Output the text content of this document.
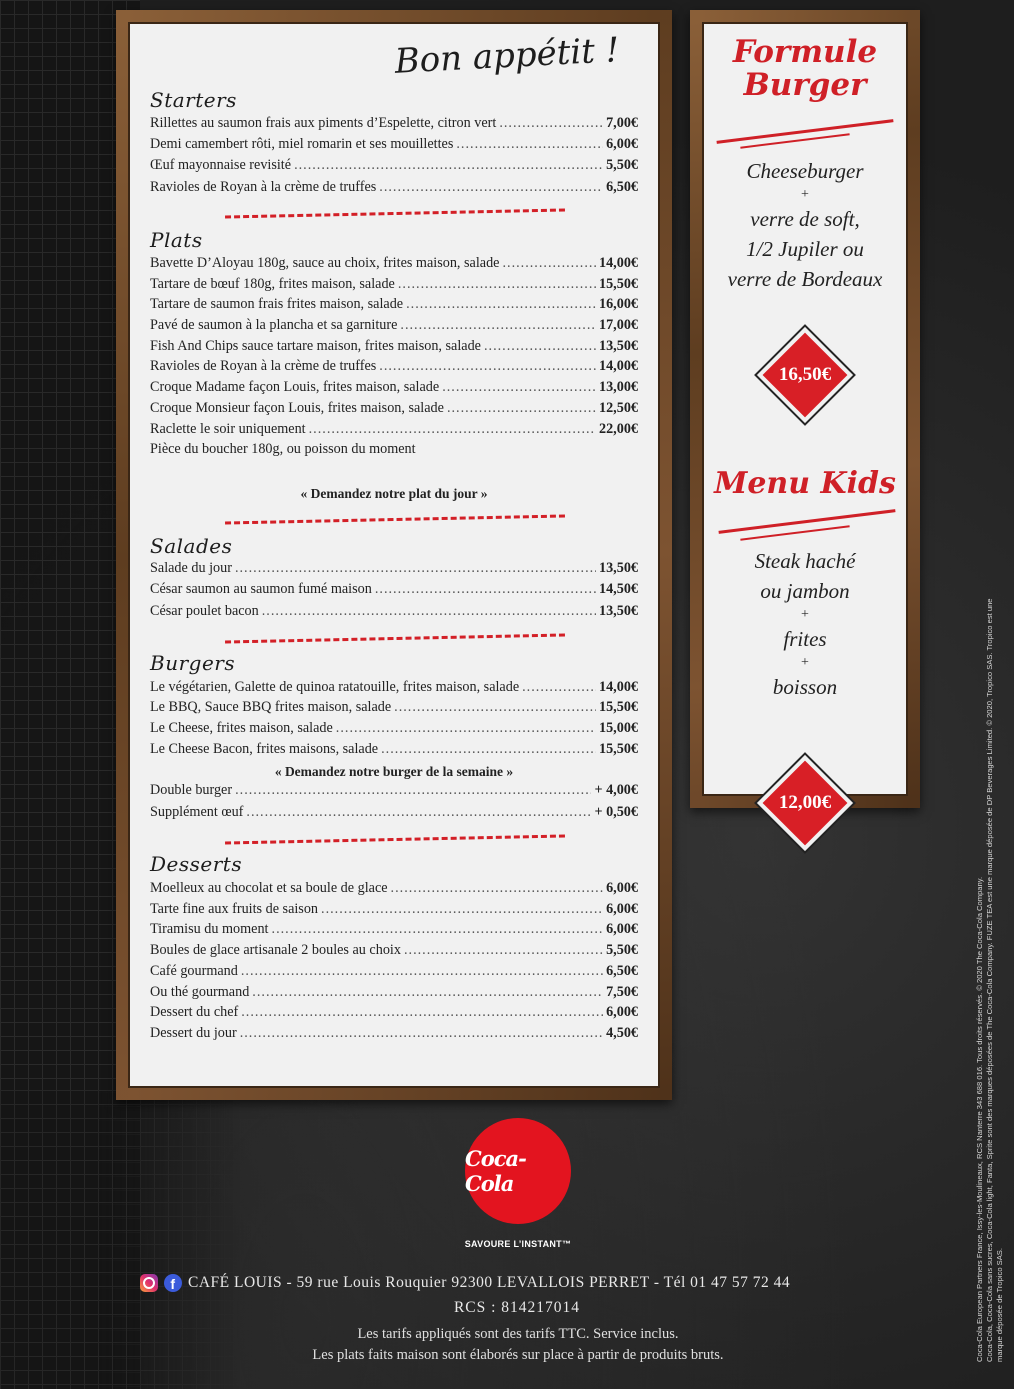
Bon appétit !
Starters
Rillettes au saumon frais aux piments d’Espelette, citron vert .....	7,00€
Demi camembert rôti, miel romarin et ses mouillettes .....	6,00€
Œuf mayonnaise revisité .....	5,50€
Ravioles de Royan à la crème de truffes .....	6,50€
Plats
Bavette D’Aloyau 180g, sauce au choix, frites maison, salade .....	14,00€
Tartare de bœuf 180g, frites maison, salade .....	15,50€
Tartare de saumon frais frites maison, salade .....	16,00€
Pavé de saumon à la plancha et sa garniture .....	17,00€
Fish And Chips sauce tartare maison, frites maison, salade .....	13,50€
Ravioles de Royan à la crème de truffes .....	14,00€
Croque Madame façon Louis, frites maison, salade .....	13,00€
Croque Monsieur façon Louis, frites maison, salade .....	12,50€
Raclette le soir uniquement .....	22,00€
Pièce du boucher 180g, ou poisson du moment
« Demandez notre plat du jour »
Salades
Salade du jour .....	13,50€
César saumon au saumon fumé maison .....	14,50€
César poulet bacon .....	13,50€
Burgers
Le végétarien, Galette de quinoa ratatouille, frites maison, salade .....	14,00€
Le BBQ, Sauce BBQ frites maison, salade .....	15,50€
Le Cheese, frites maison, salade .....	15,00€
Le Cheese Bacon, frites maisons, salade .....	15,50€
« Demandez notre burger de la semaine »
Double burger .....	+ 4,00€
Supplément œuf .....	+ 0,50€
Desserts
Moelleux au chocolat et sa boule de glace .....	6,00€
Tarte fine aux fruits de saison .....	6,00€
Tiramisu du moment .....	6,00€
Boules de glace artisanale 2 boules au choix .....	5,50€
Café gourmand .....	6,50€
Ou thé gourmand .....	7,50€
Dessert du chef .....	6,00€
Dessert du jour .....	4,50€
Formule
Burger
Cheeseburger
+
verre de soft,
1/2 Jupiler ou
verre de Bordeaux
16,50€
Menu Kids
Steak haché
ou jambon
+
frites
+
boisson
12,00€
Coca-Cola
SAVOURE L’INSTANT™
f CAFÉ LOUIS - 59 rue Louis Rouquier 92300 LEVALLOIS PERRET - Tél 01 47 57 72 44
RCS : 814217014
Les tarifs appliqués sont des tarifs TTC. Service inclus.
Les plats faits maison sont élaborés sur place à partir de produits bruts.	Coca-Cola European Partners France, Issy-les-Moulineaux, RCS Nanterre 343 688 016. Tous droits réservés. © 2020 The Coca-Cola Company. Coca-Cola, Coca-Cola sans sucres, Coca-Cola light, Fanta, Sprite sont des marques déposées de The Coca-Cola Company. FUZE TEA est une marque déposée de DP Beverages Limited. © 2020, Tropico SAS. Tropico est une marque déposée de Tropico SAS.
